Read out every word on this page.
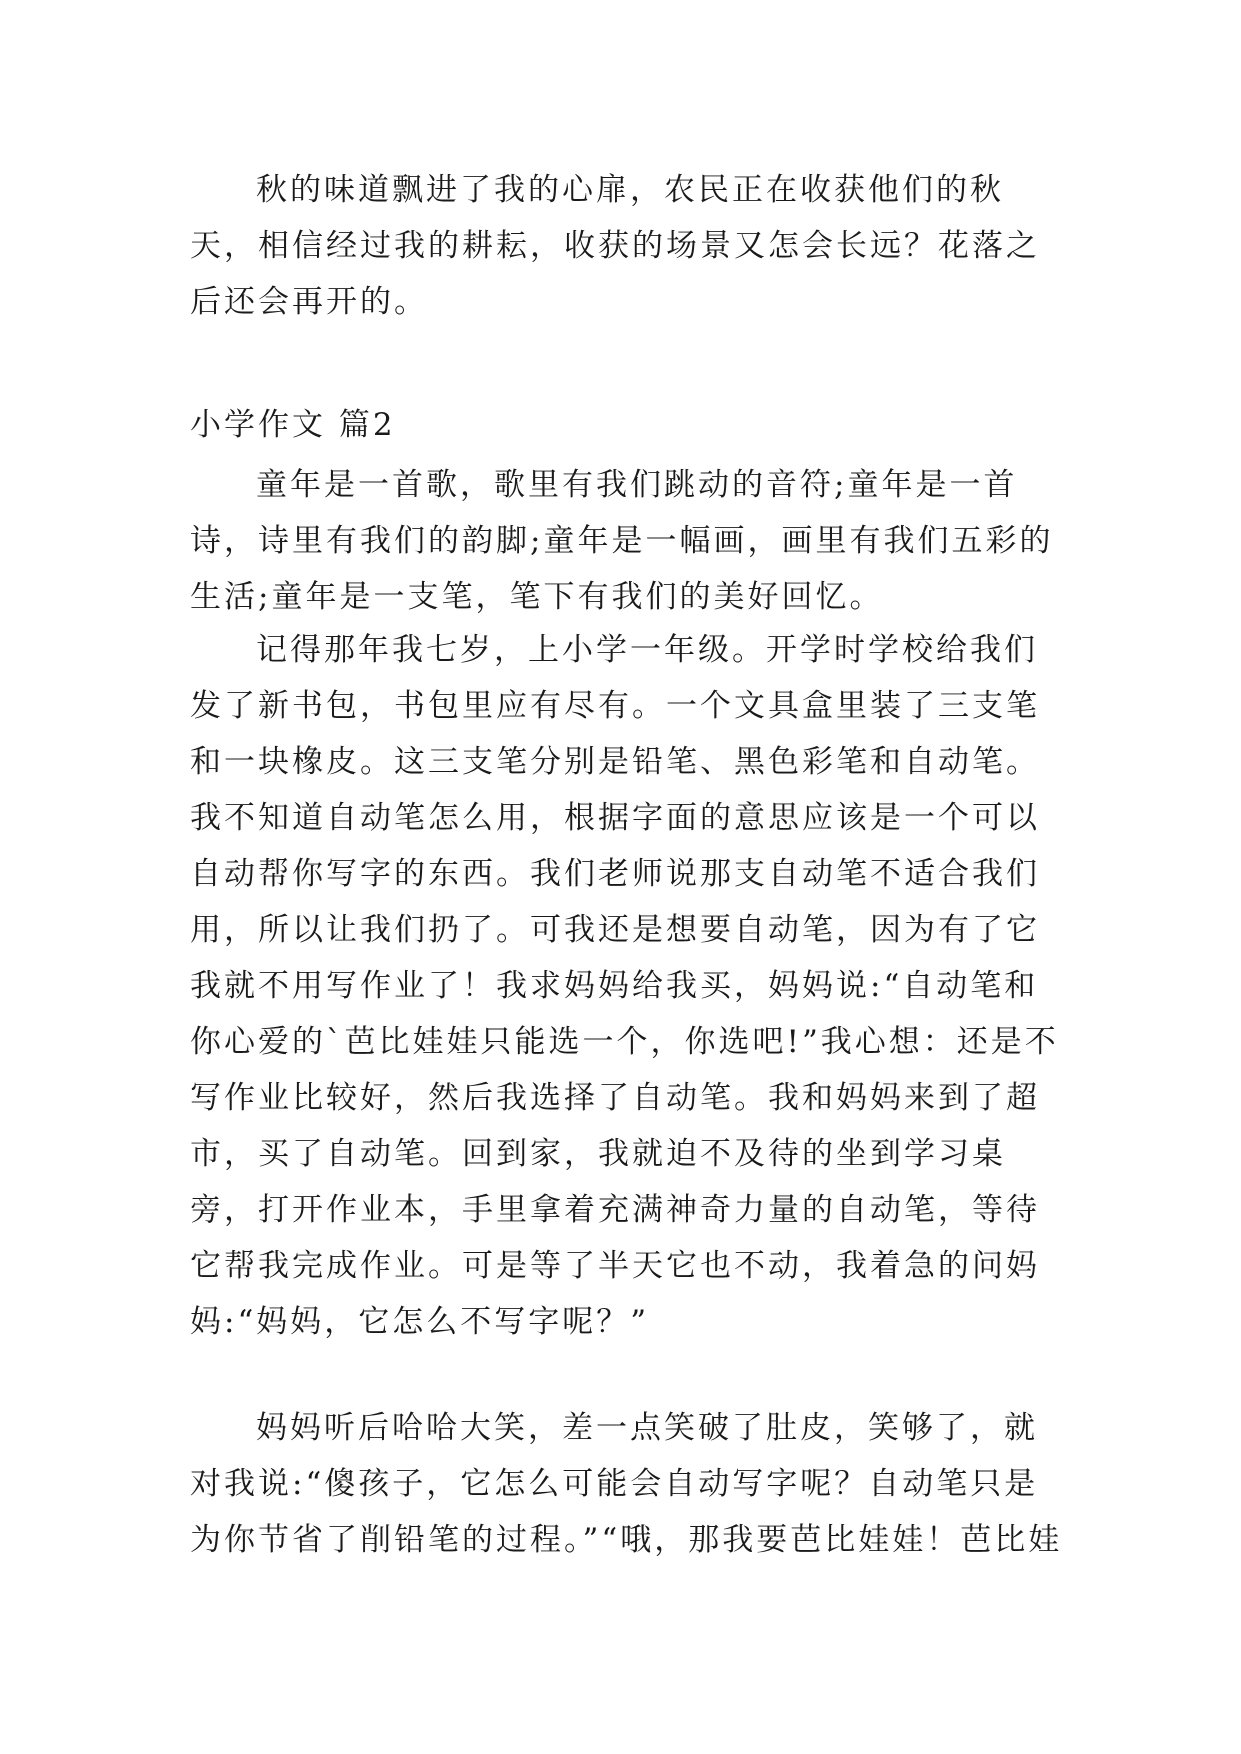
秋的味道飘进了我的心扉，农民正在收获他们的秋天，相信经过我的耕耘，收获的场景又怎会长远？花落之后还会再开的。

小学作文 篇2

童年是一首歌，歌里有我们跳动的音符;童年是一首诗，诗里有我们的韵脚;童年是一幅画，画里有我们五彩的生活;童年是一支笔，笔下有我们的美好回忆。

记得那年我七岁，上小学一年级。开学时学校给我们发了新书包，书包里应有尽有。一个文具盒里装了三支笔和一块橡皮。这三支笔分别是铅笔、黑色彩笔和自动笔。我不知道自动笔怎么用，根据字面的意思应该是一个可以自动帮你写字的东西。我们老师说那支自动笔不适合我们用，所以让我们扔了。可我还是想要自动笔，因为有了它我就不用写作业了！我求妈妈给我买，妈妈说:“自动笔和你心爱的`芭比娃娃只能选一个，你选吧!”我心想：还是不写作业比较好，然后我选择了自动笔。我和妈妈来到了超市，买了自动笔。回到家，我就迫不及待的坐到学习桌旁，打开作业本，手里拿着充满神奇力量的自动笔，等待它帮我完成作业。可是等了半天它也不动，我着急的问妈妈:“妈妈，它怎么不写字呢？”

妈妈听后哈哈大笑，差一点笑破了肚皮，笑够了，就对我说:“傻孩子，它怎么可能会自动写字呢？自动笔只是为你节省了削铅笔的过程。”“哦，那我要芭比娃娃！芭比娃
